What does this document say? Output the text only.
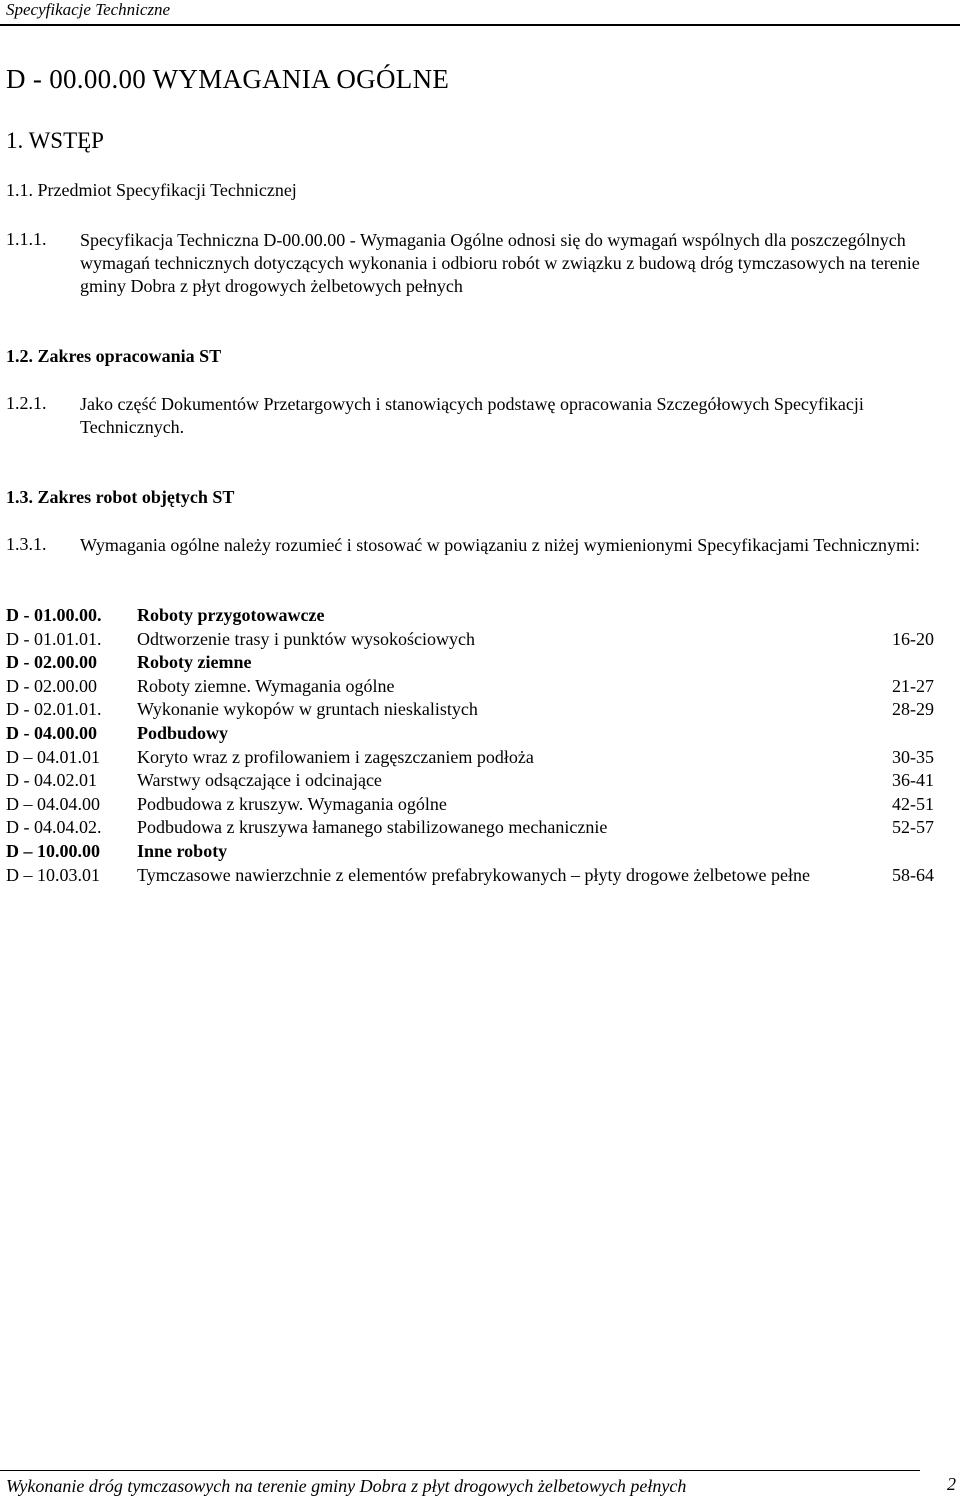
Specyfikacje Techniczne
D - 00.00.00 WYMAGANIA OGÓLNE
1. WSTĘP
1.1. Przedmiot Specyfikacji Technicznej
1.1.1. Specyfikacja Techniczna D-00.00.00 - Wymagania Ogólne odnosi się do wymagań wspólnych dla poszczególnych wymagań technicznych dotyczących wykonania i odbioru robót w związku z budową dróg tymczasowych na terenie gminy Dobra z płyt drogowych żelbetowych pełnych
1.2. Zakres opracowania ST
1.2.1. Jako część Dokumentów Przetargowych i stanowiących podstawę opracowania Szczegółowych Specyfikacji Technicznych.
1.3. Zakres robot objętych ST
1.3.1. Wymagania ogólne należy rozumieć i stosować w powiązaniu z niżej wymienionymi Specyfikacjami Technicznymi:
D - 01.00.00. Roboty przygotowawcze
D - 01.01.01. Odtworzenie trasy i punktów wysokościowych	16-20
D - 02.00.00 Roboty ziemne
D - 02.00.00 Roboty ziemne. Wymagania ogólne	21-27
D - 02.01.01. Wykonanie wykopów w gruntach nieskalistych	28-29
D - 04.00.00 Podbudowy
D – 04.01.01 Koryto wraz z profilowaniem i zagęszczaniem podłoża	30-35
D - 04.02.01 Warstwy odsączające i odcinające	36-41
D – 04.04.00 Podbudowa z kruszyw. Wymagania ogólne	42-51
D - 04.04.02. Podbudowa z kruszywa łamanego stabilizowanego mechanicznie	52-57
D – 10.00.00 Inne roboty
D – 10.03.01 Tymczasowe nawierzchnie z elementów prefabrykowanych – płyty drogowe żelbetowe pełne	58-64
Wykonanie dróg tymczasowych na terenie gminy Dobra z płyt drogowych żelbetowych pełnych	2
